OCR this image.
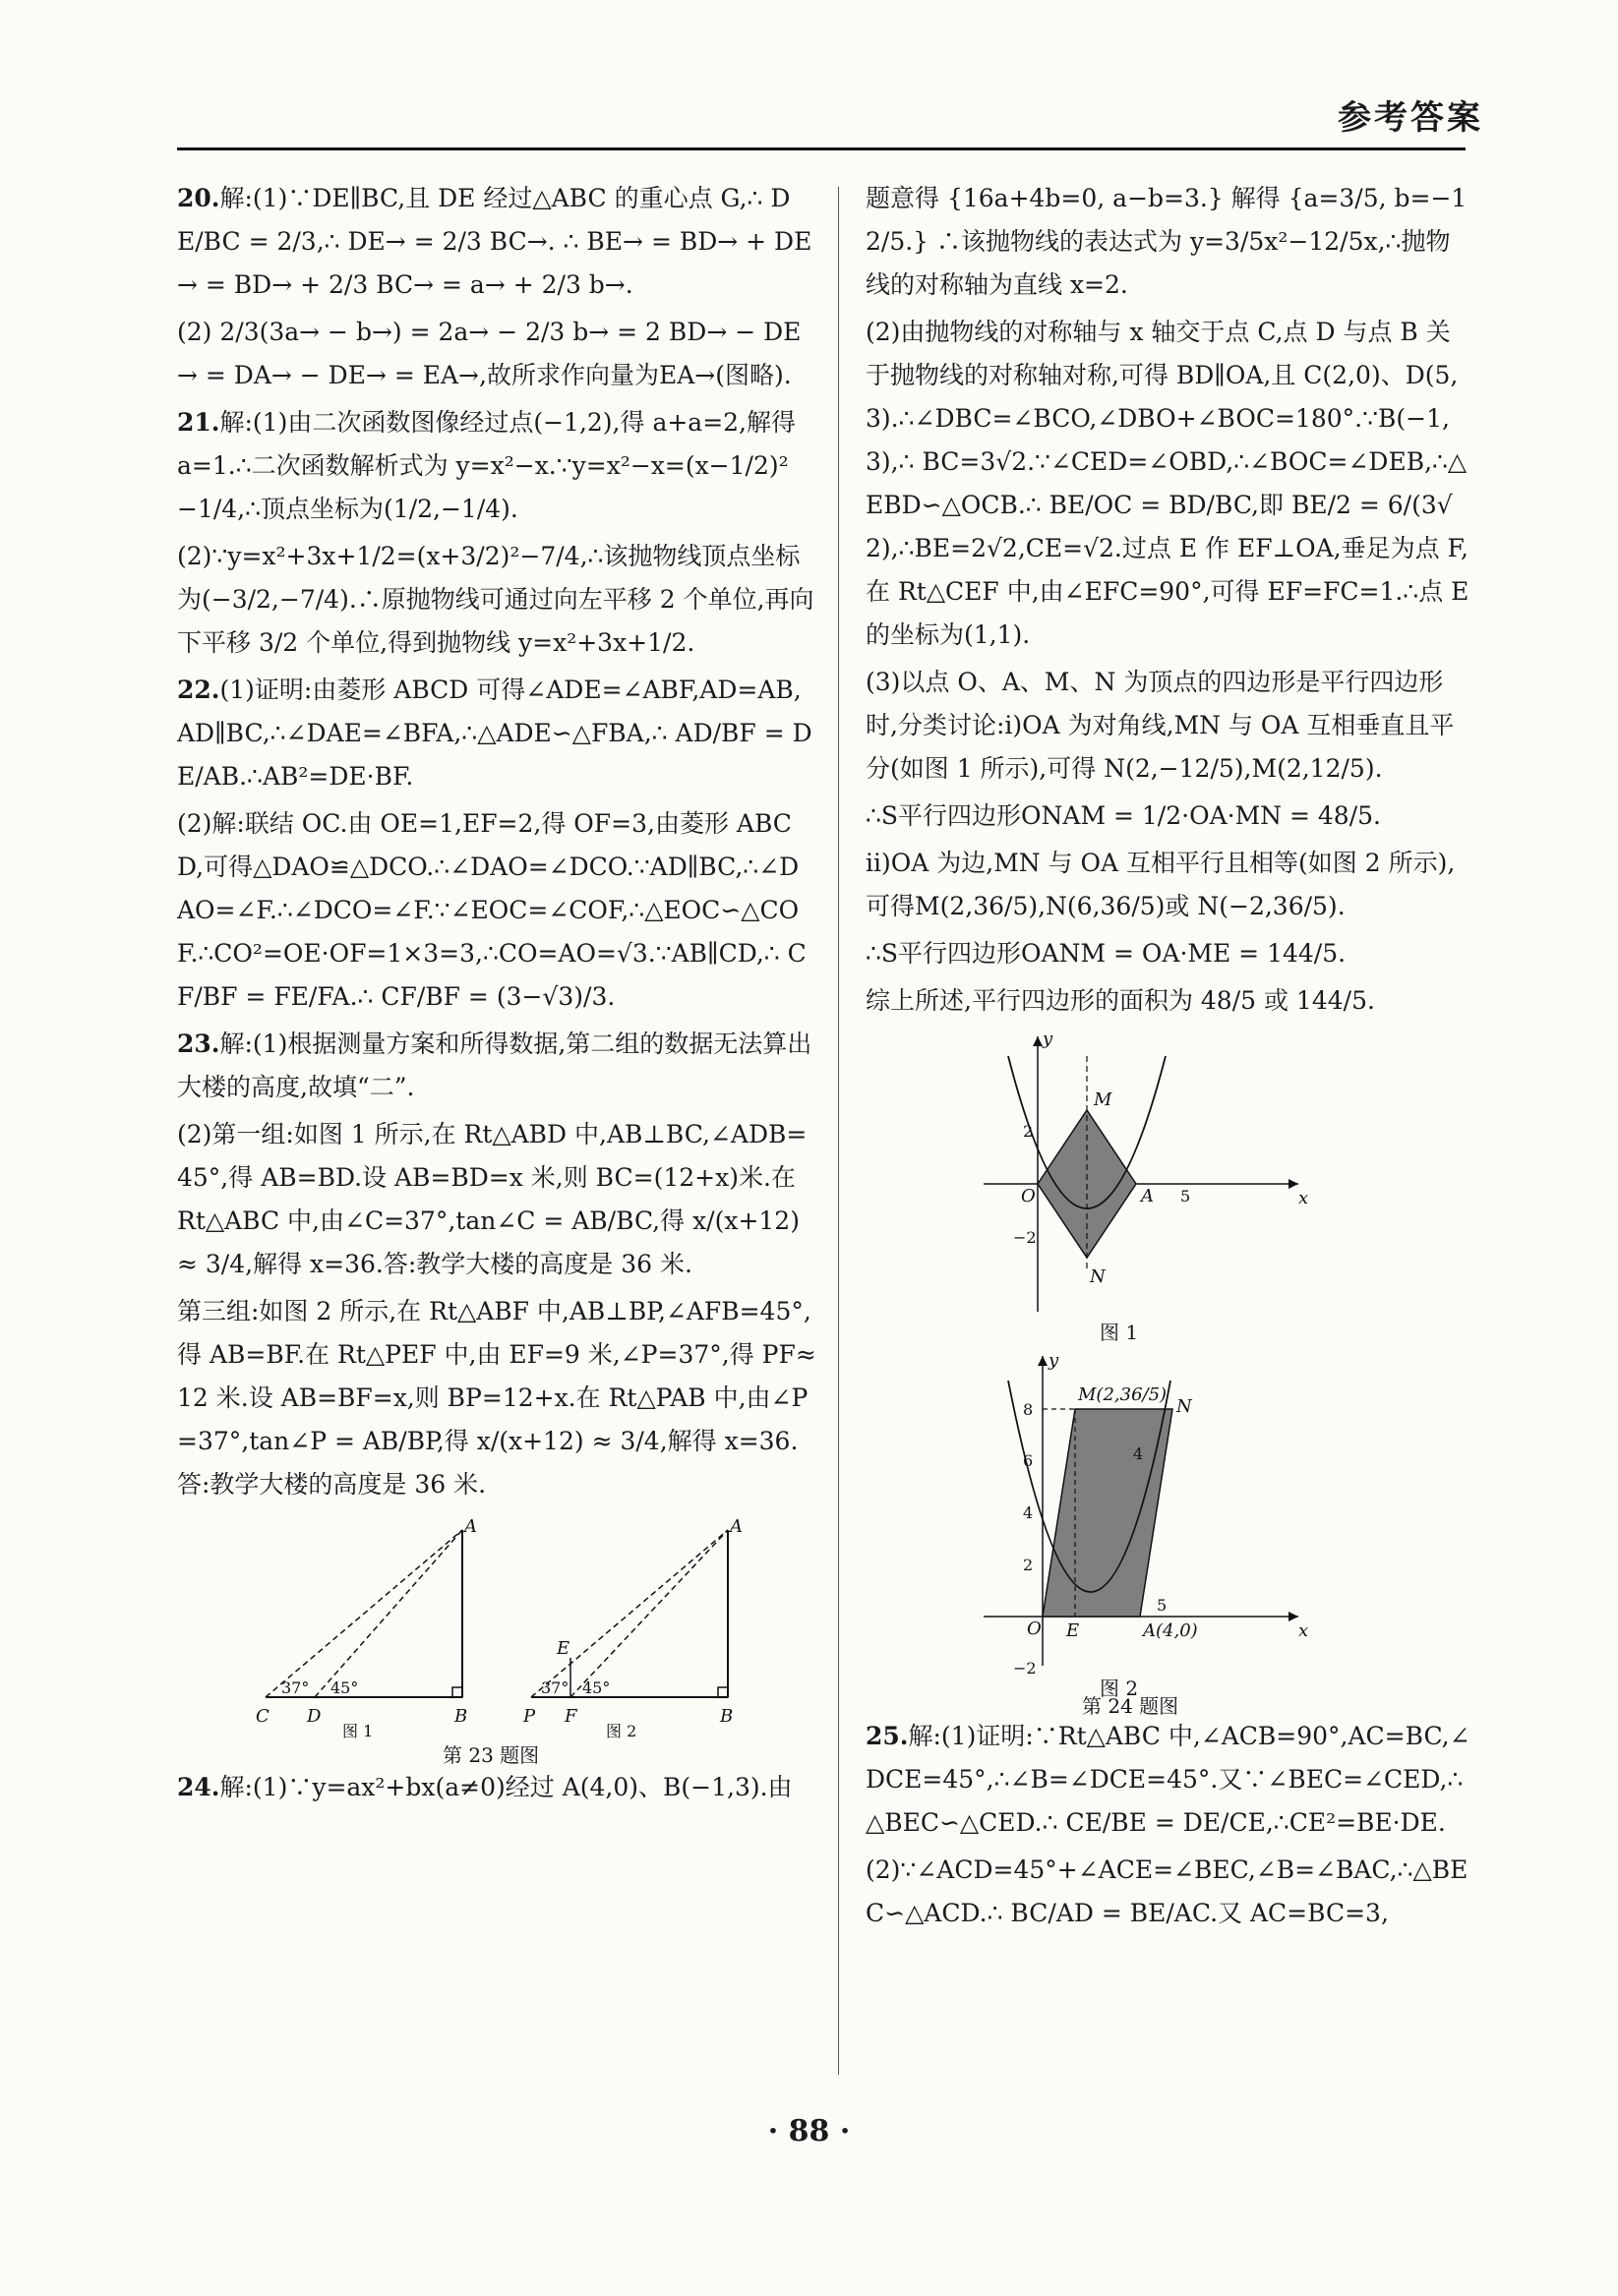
参考答案

20.解:(1)∵DE∥BC,且 DE 经过△ABC 的重心点 G,∴ DE/BC = 2/3,∴ DE→ = 2/3 BC→. ∴ BE→ = BD→ + DE→ = BD→ + 2/3 BC→ = a→ + 2/3 b→.

(2) 2/3(3a→ − b→) = 2a→ − 2/3 b→ = 2 BD→ − DE→ = DA→ − DE→ = EA→,故所求作向量为EA→(图略).

21.解:(1)由二次函数图像经过点(−1,2),得 a+a=2,解得 a=1.∴二次函数解析式为 y=x²−x.∵y=x²−x=(x−1/2)²−1/4,∴顶点坐标为(1/2,−1/4).

(2)∵y=x²+3x+1/2=(x+3/2)²−7/4,∴该抛物线顶点坐标为(−3/2,−7/4).∴原抛物线可通过向左平移 2 个单位,再向下平移 3/2 个单位,得到抛物线 y=x²+3x+1/2.

22.(1)证明:由菱形 ABCD 可得∠ADE=∠ABF,AD=AB,AD∥BC,∴∠DAE=∠BFA,∴△ADE∽△FBA,∴ AD/BF = DE/AB.∴AB²=DE·BF.

(2)解:联结 OC.由 OE=1,EF=2,得 OF=3,由菱形 ABCD,可得△DAO≌△DCO.∴∠DAO=∠DCO.∵AD∥BC,∴∠DAO=∠F.∴∠DCO=∠F.∵∠EOC=∠COF,∴△EOC∽△COF.∴CO²=OE·OF=1×3=3,∴CO=AO=√3.∵AB∥CD,∴ CF/BF = FE/FA.∴ CF/BF = (3−√3)/3.

23.解:(1)根据测量方案和所得数据,第二组的数据无法算出大楼的高度,故填“二”.

(2)第一组:如图 1 所示,在 Rt△ABD 中,AB⊥BC,∠ADB=45°,得 AB=BD.设 AB=BD=x 米,则 BC=(12+x)米.在 Rt△ABC 中,由∠C=37°,tan∠C = AB/BC,得 x/(x+12) ≈ 3/4,解得 x=36.答:教学大楼的高度是 36 米.

第三组:如图 2 所示,在 Rt△ABF 中,AB⊥BP,∠AFB=45°,得 AB=BF.在 Rt△PEF 中,由 EF=9 米,∠P=37°,得 PF≈12 米.设 AB=BF=x,则 BP=12+x.在 Rt△PAB 中,由∠P=37°,tan∠P = AB/BP,得 x/(x+12) ≈ 3/4,解得 x=36.答:教学大楼的高度是 36 米.

A
B
C D
37° 45°
图 1
A
B
P F
E
37° 45°
图 2
第 23 题图

24.解:(1)∵y=ax²+bx(a≠0)经过 A(4,0)、B(−1,3).由

题意得 {16a+4b=0, a−b=3.} 解得 {a=3/5, b=−12/5.} ∴该抛物线的表达式为 y=3/5x²−12/5x,∴抛物线的对称轴为直线 x=2.

(2)由抛物线的对称轴与 x 轴交于点 C,点 D 与点 B 关于抛物线的对称轴对称,可得 BD∥OA,且 C(2,0)、D(5,3).∴∠DBC=∠BCO,∠DBO+∠BOC=180°.∵B(−1,3),∴ BC=3√2.∵∠CED=∠OBD,∴∠BOC=∠DEB,∴△EBD∽△OCB.∴ BE/OC = BD/BC,即 BE/2 = 6/(3√2),∴BE=2√2,CE=√2.过点 E 作 EF⊥OA,垂足为点 F,在 Rt△CEF 中,由∠EFC=90°,可得 EF=FC=1.∴点 E 的坐标为(1,1).

(3)以点 O、A、M、N 为顶点的四边形是平行四边形时,分类讨论:ⅰ)OA 为对角线,MN 与 OA 互相垂直且平分(如图 1 所示),可得 N(2,−12/5),M(2,12/5).

∴S平行四边形ONAM = 1/2·OA·MN = 48/5.

ⅱ)OA 为边,MN 与 OA 互相平行且相等(如图 2 所示),可得M(2,36/5),N(6,36/5)或 N(−2,36/5).

∴S平行四边形OANM = OA·ME = 144/5.

综上所述,平行四边形的面积为 48/5 或 144/5.

y
x
M
N
O	A
2
−2
5
图 1
y
x
M(2,36/5)
N
O E	A(4,0)
8
6
4
2
−2
5
4
图 2
第 24 题图

25.解:(1)证明:∵Rt△ABC 中,∠ACB=90°,AC=BC,∠DCE=45°,∴∠B=∠DCE=45°.又∵∠BEC=∠CED,∴△BEC∽△CED.∴ CE/BE = DE/CE,∴CE²=BE·DE.

(2)∵∠ACD=45°+∠ACE=∠BEC,∠B=∠BAC,∴△BEC∽△ACD.∴ BC/AD = BE/AC.又 AC=BC=3,

· 88 ·
